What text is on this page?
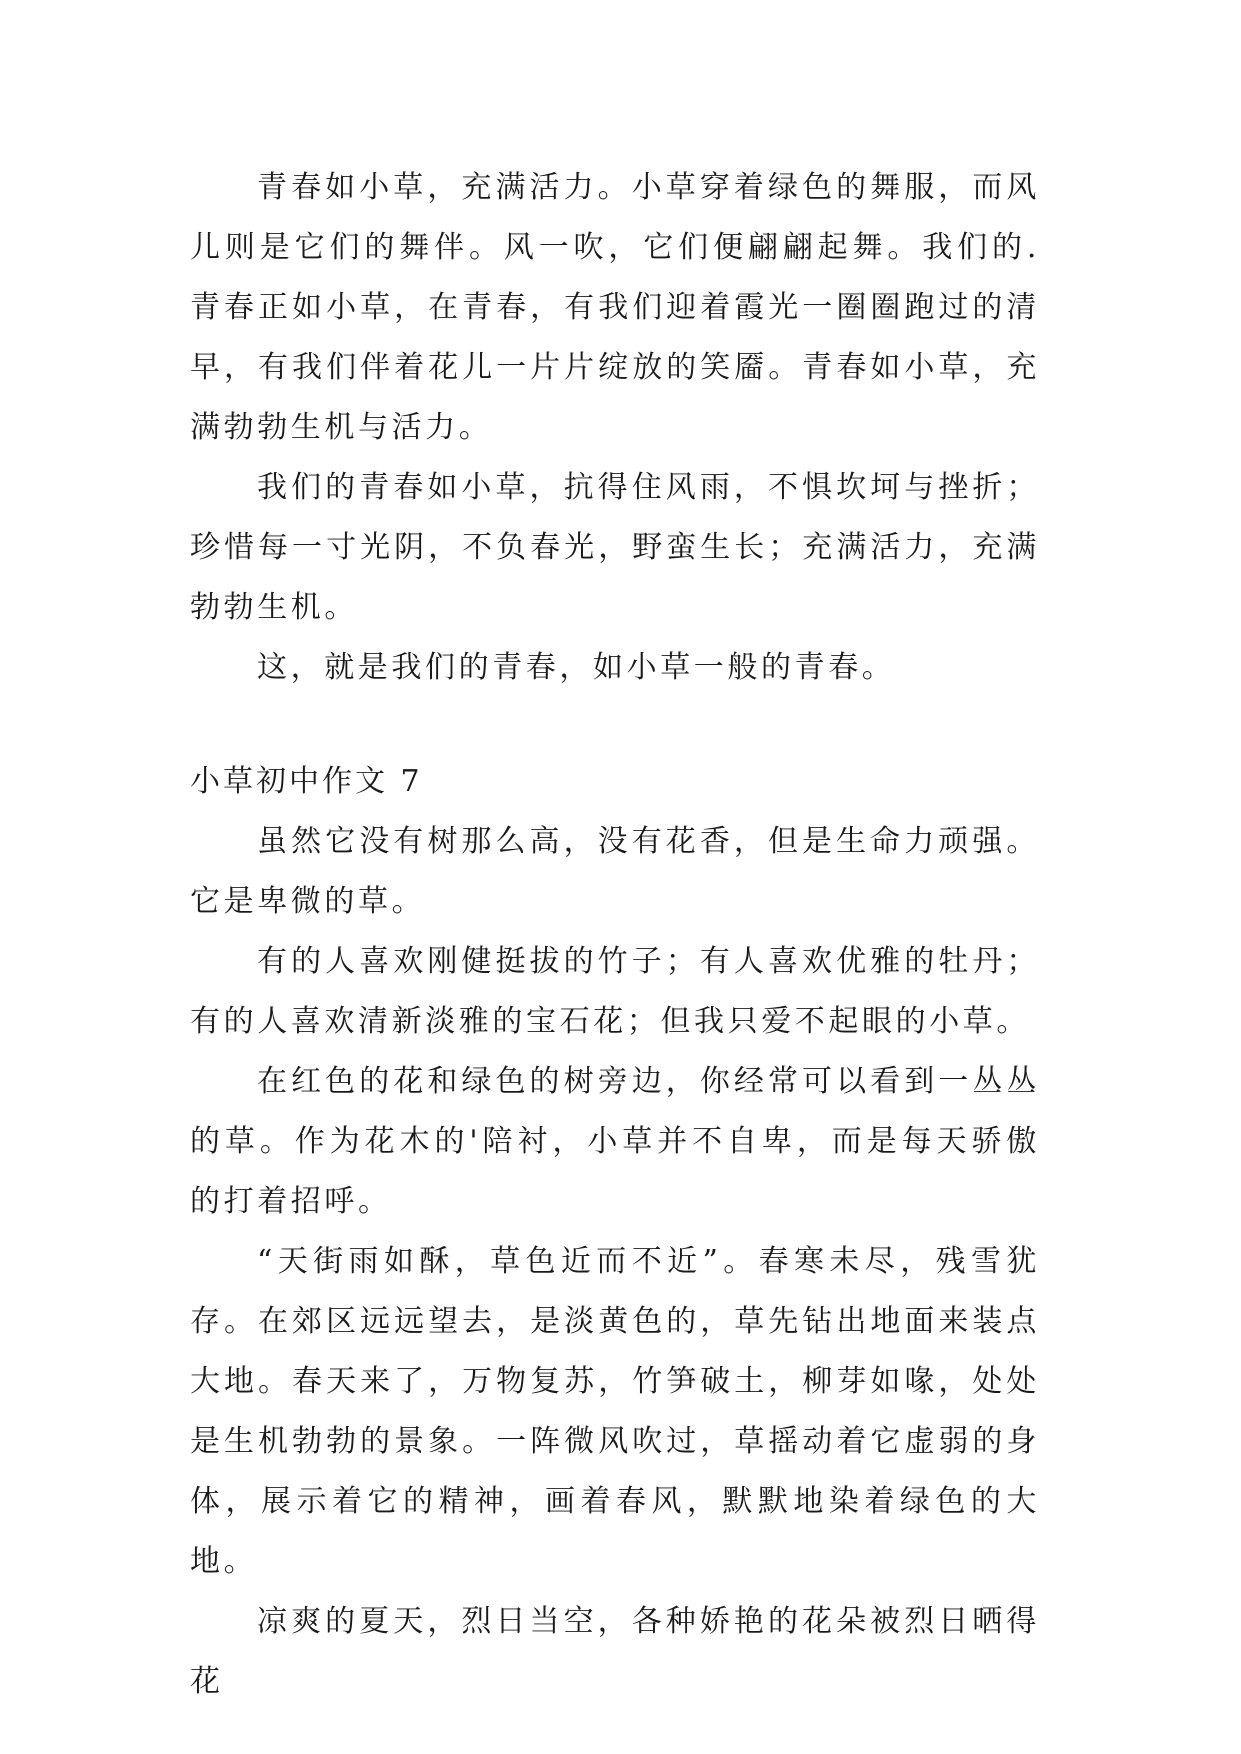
青春如小草，充满活力。小草穿着绿色的舞服，而风儿则是它们的舞伴。风一吹，它们便翩翩起舞。我们的.青春正如小草，在青春，有我们迎着霞光一圈圈跑过的清早，有我们伴着花儿一片片绽放的笑靥。青春如小草，充满勃勃生机与活力。

我们的青春如小草，抗得住风雨，不惧坎坷与挫折；珍惜每一寸光阴，不负春光，野蛮生长；充满活力，充满勃勃生机。

这，就是我们的青春，如小草一般的青春。

小草初中作文 7

虽然它没有树那么高，没有花香，但是生命力顽强。它是卑微的草。

有的人喜欢刚健挺拔的竹子；有人喜欢优雅的牡丹；有的人喜欢清新淡雅的宝石花；但我只爱不起眼的小草。

在红色的花和绿色的树旁边，你经常可以看到一丛丛的草。作为花木的'陪衬，小草并不自卑，而是每天骄傲的打着招呼。

“天街雨如酥，草色近而不近”。春寒未尽，残雪犹存。在郊区远远望去，是淡黄色的，草先钻出地面来装点大地。春天来了，万物复苏，竹笋破土，柳芽如喙，处处是生机勃勃的景象。一阵微风吹过，草摇动着它虚弱的身体，展示着它的精神，画着春风，默默地染着绿色的大地。

凉爽的夏天，烈日当空，各种娇艳的花朵被烈日晒得花
